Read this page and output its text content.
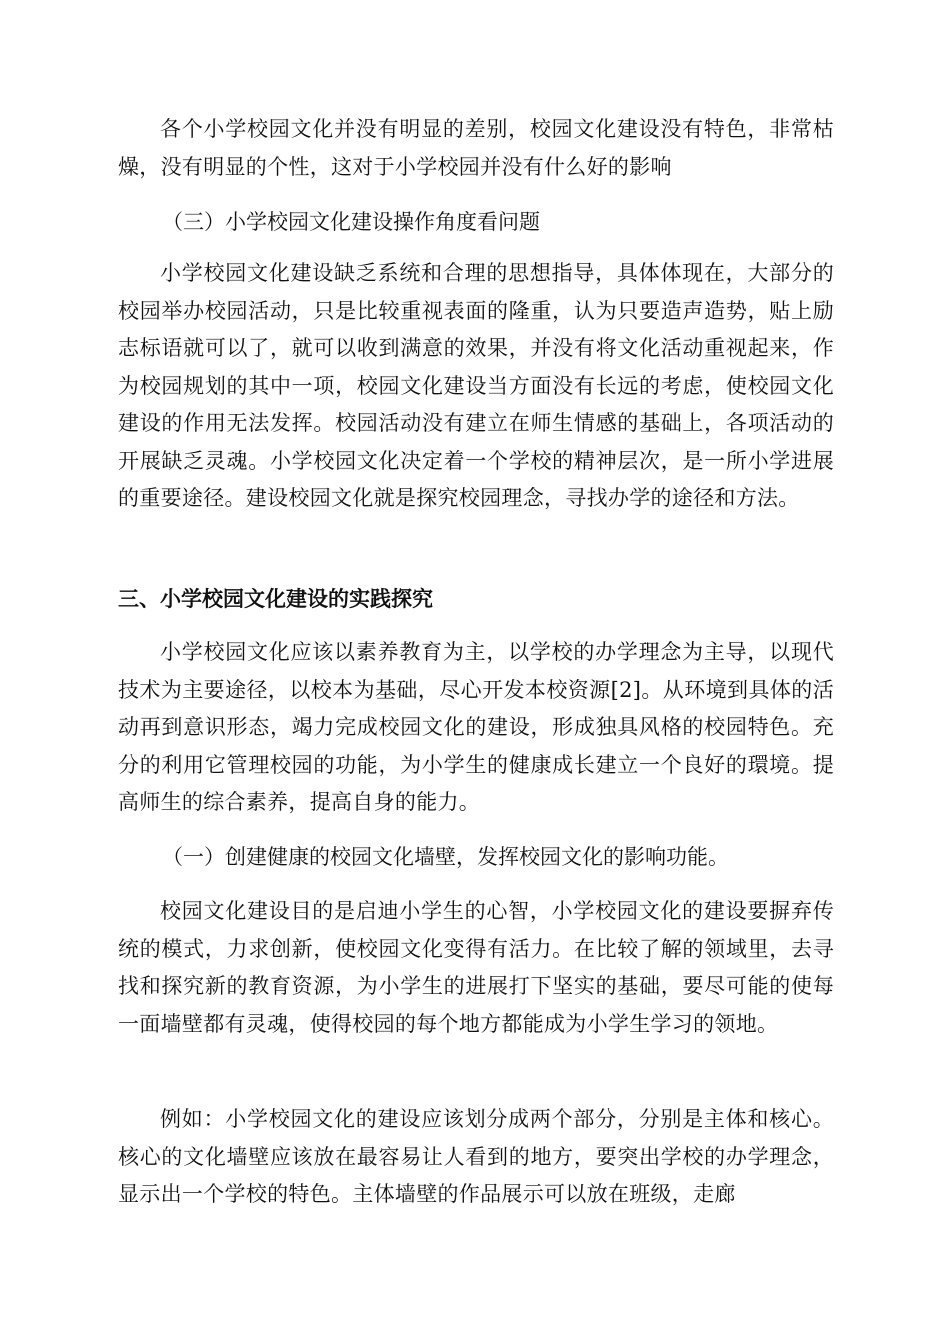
各个小学校园文化并没有明显的差别，校园文化建设没有特色，非常枯燥，没有明显的个性，这对于小学校园并没有什么好的影响

（三）小学校园文化建设操作角度看问题

小学校园文化建设缺乏系统和合理的思想指导，具体体现在，大部分的校园举办校园活动，只是比较重视表面的隆重，认为只要造声造势，贴上励志标语就可以了，就可以收到满意的效果，并没有将文化活动重视起来，作为校园规划的其中一项，校园文化建设当方面没有长远的考虑，使校园文化建设的作用无法发挥。校园活动没有建立在师生情感的基础上，各项活动的开展缺乏灵魂。小学校园文化决定着一个学校的精神层次，是一所小学进展的重要途径。建设校园文化就是探究校园理念，寻找办学的途径和方法。

三、小学校园文化建设的实践探究

小学校园文化应该以素养教育为主，以学校的办学理念为主导，以现代技术为主要途径，以校本为基础，尽心开发本校资源[2]。从环境到具体的活动再到意识形态，竭力完成校园文化的建设，形成独具风格的校园特色。充分的利用它管理校园的功能，为小学生的健康成长建立一个良好的環境。提高师生的综合素养，提高自身的能力。

（一）创建健康的校园文化墙壁，发挥校园文化的影响功能。

校园文化建设目的是启迪小学生的心智，小学校园文化的建设要摒弃传统的模式，力求创新，使校园文化变得有活力。在比较了解的领域里，去寻找和探究新的教育资源，为小学生的进展打下坚实的基础，要尽可能的使每一面墙壁都有灵魂，使得校园的每个地方都能成为小学生学习的领地。

例如：小学校园文化的建设应该划分成两个部分，分别是主体和核心。核心的文化墙壁应该放在最容易让人看到的地方，要突出学校的办学理念，显示出一个学校的特色。主体墙壁的作品展示可以放在班级，走廊
